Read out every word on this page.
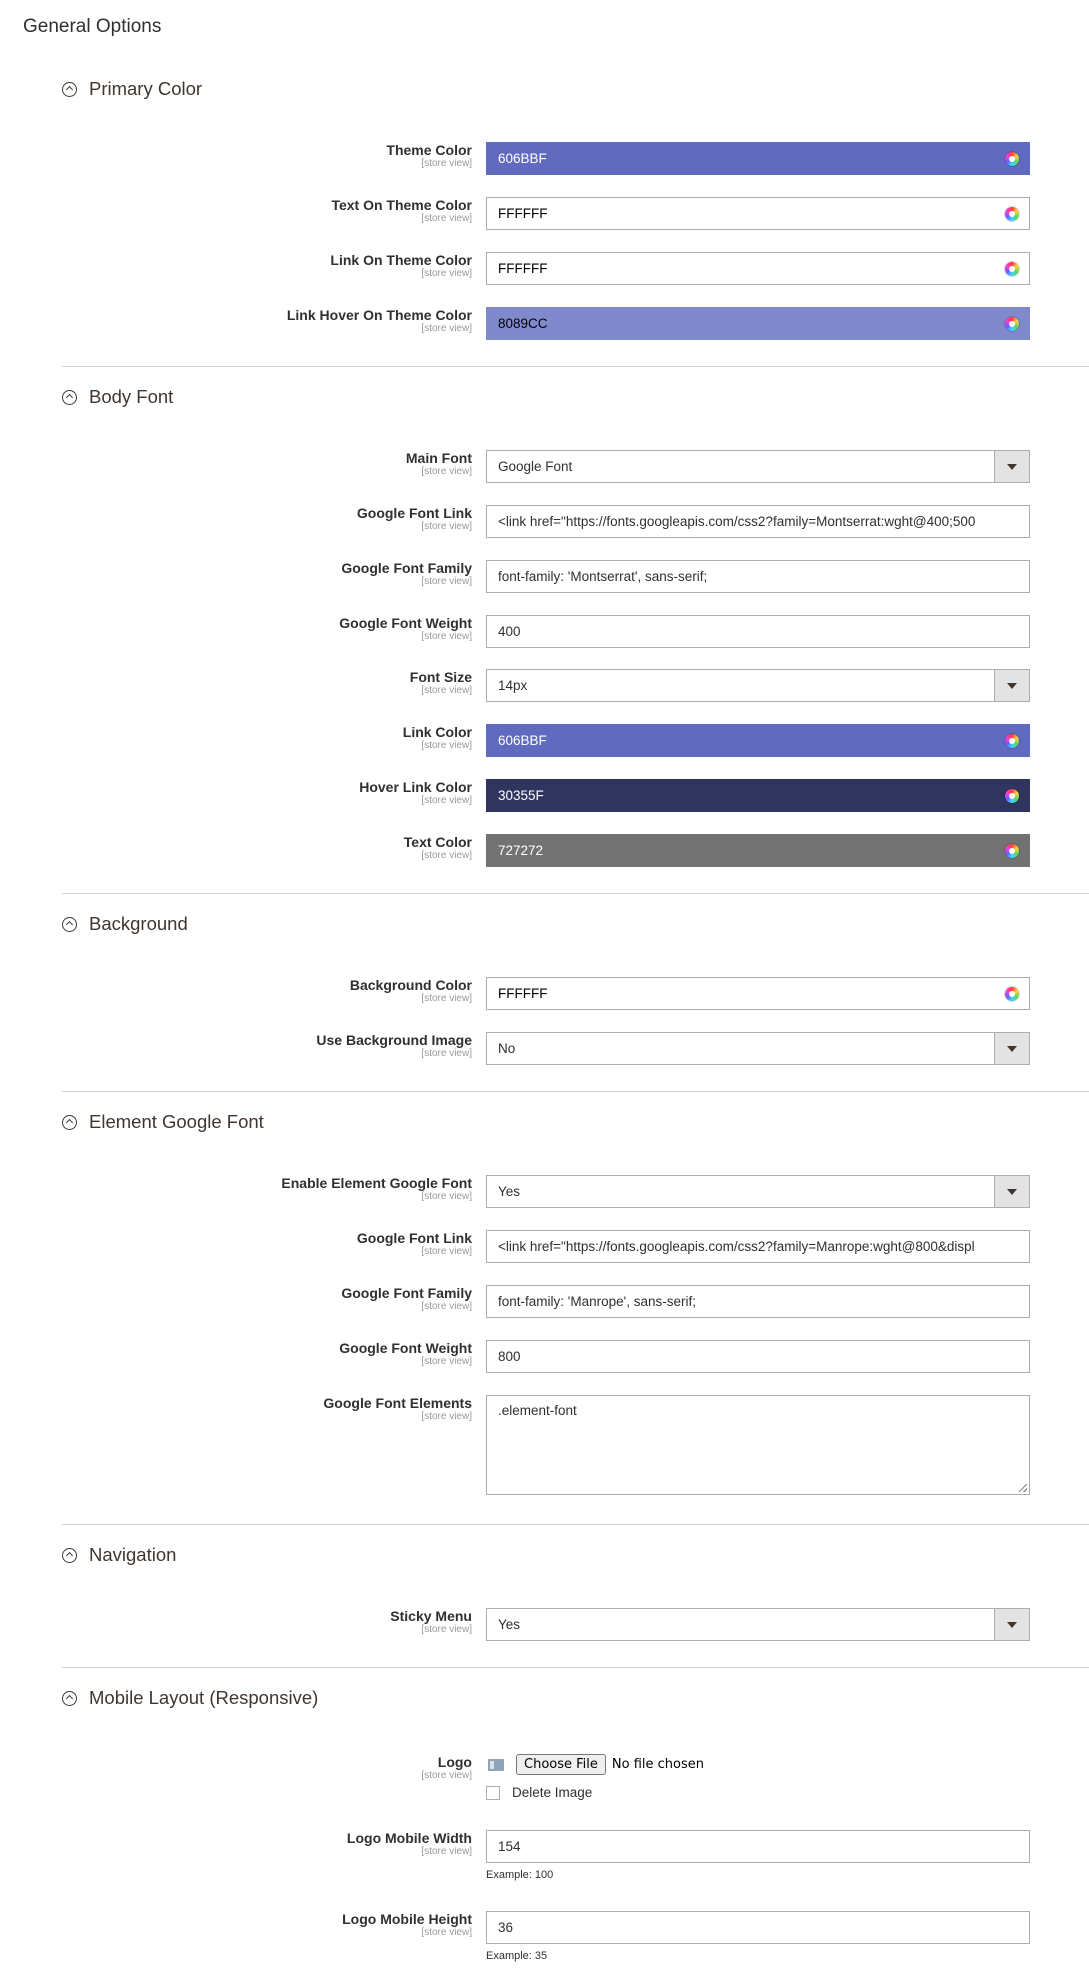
General Options
Primary Color
Theme Color
[store view] 606BBF
Text On Theme Color
[store view] FFFFFF
Link On Theme Color
[store view] FFFFFF
Link Hover On Theme Color
[store view] 8089CC
Body Font
Main Font
[store view] Google Font
Google Font Link
[store view] <link href="https://fonts.googleapis.com/css2?family=Montserrat:wght@400;500
Google Font Family
[store view] font-family: 'Montserrat', sans-serif;
Google Font Weight
[store view] 400
Font Size
[store view] 14px
Link Color
[store view] 606BBF
Hover Link Color
[store view] 30355F
Text Color
[store view] 727272
Background
Background Color
[store view] FFFFFF
Use Background Image
[store view] No
Element Google Font
Enable Element Google Font
[store view] Yes
Google Font Link
[store view] <link href="https://fonts.googleapis.com/css2?family=Manrope:wght@800&displ
Google Font Family
[store view] font-family: 'Manrope', sans-serif;
Google Font Weight
[store view] 800
Google Font Elements
[store view] .element-font
Navigation
Sticky Menu
[store view] Yes
Mobile Layout (Responsive)
Logo
[store view]
Choose File	No file chosen
Delete Image
Logo Mobile Width
[store view] 154
Example: 100
Logo Mobile Height
[store view] 36
Example: 35
